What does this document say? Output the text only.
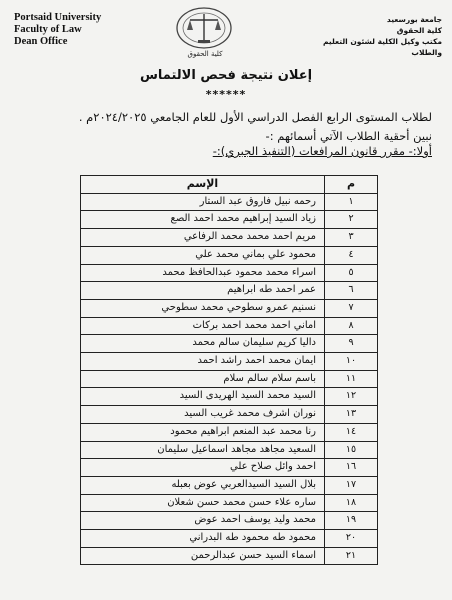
Portsaid University
Faculty of Law
Dean Office
كلية الحقوق
جامعة بورسعيد
كلية الحقوق
مكتب وكيل الكلية لشئون التعليم والطلاب
إعلان نتيجة فحص الالتماس
******
لطلاب المستوى الرابع الفصل الدراسي الأول للعام الجامعي ٢٠٢٤/٢٠٢٥م .
نبين أحقية الطلاب الآتي أسمائهم :-
أولا:- مقرر قانون المرافعات (التنفيذ الجبري):-
م	الإسم
١	رحمه نبيل فاروق عبد الستار
٢	زياد السيد إبراهيم محمد احمد الصع
٣	مريم احمد محمد محمد الرفاعي
٤	محمود علي بماني محمد علي
٥	اسراء محمد محمود عبدالحافظ محمد
٦	عمر احمد طه ابراهيم
٧	نسنيم عمرو سطوحي محمد سطوحي
٨	اماني احمد محمد احمد بركات
٩	داليا كريم سليمان سالم محمد
١٠	ايمان محمد احمد راشد احمد
١١	باسم سلام سالم سلام
١٢	السيد محمد السيد الهريدى السيد
١٣	نوران اشرف محمد غريب السيد
١٤	رنا محمد عبد المنعم ابراهيم محمود
١٥	السعيد مجاهد مجاهد اسماعيل سليمان
١٦	احمد وائل صلاح علي
١٧	بلال السيد السيدالعربي عوض بعبله
١٨	ساره علاء حسن محمد حسن شعلان
١٩	محمد وليد يوسف احمد عوض
٢٠	محمود طه محمود طه البدراني
٢١	اسماء السيد حسن عبدالرحمن
